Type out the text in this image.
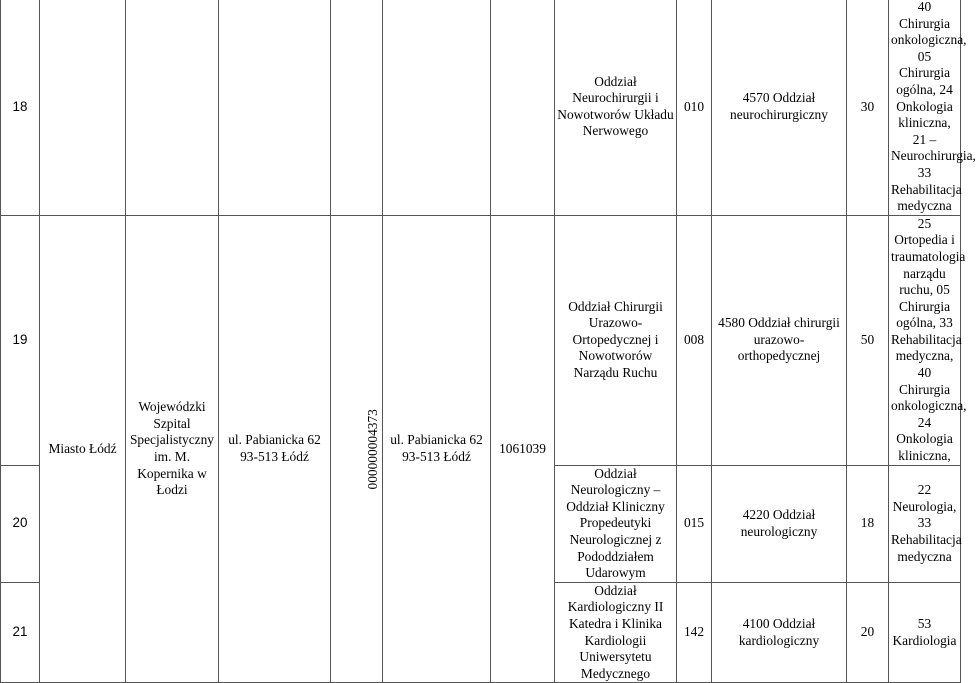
18							Oddział Neurochirurgii i Nowotworów Układu Nerwowego	010	4570 Oddział neurochirurgiczny	30	40 Chirurgia onkologiczna, 05 Chirurgia ogólna, 24 Onkologia kliniczna, 21 – Neurochirurgia, 33 Rehabilitacja medyczna
19	Miasto Łódź	Wojewódzki Szpital Specjalistyczny im. M. Kopernika w Łodzi	ul. Pabianicka 62 93-513 Łódź	000000004373	ul. Pabianicka 62 93-513 Łódź	1061039	Oddział Chirurgii Urazowo- Ortopedycznej i Nowotworów Narządu Ruchu	008	4580 Oddział chirurgii urazowo- orthopedycznej	50	25 Ortopedia i traumatologia narządu ruchu, 05 Chirurgia ogólna, 33 Rehabilitacja medyczna, 40 Chirurgia onkologiczna, 24 Onkologia kliniczna,
20							Oddział Neurologiczny – Oddział Kliniczny Propedeutyki Neurologicznej z Pododdziałem Udarowym	015	4220 Oddział neurologiczny	18	22 Neurologia, 33 Rehabilitacja medyczna
21							Oddział Kardiologiczny II Katedra i Klinika Kardiologii Uniwersytetu Medycznego	142	4100 Oddział kardiologiczny	20	53 Kardiologia
